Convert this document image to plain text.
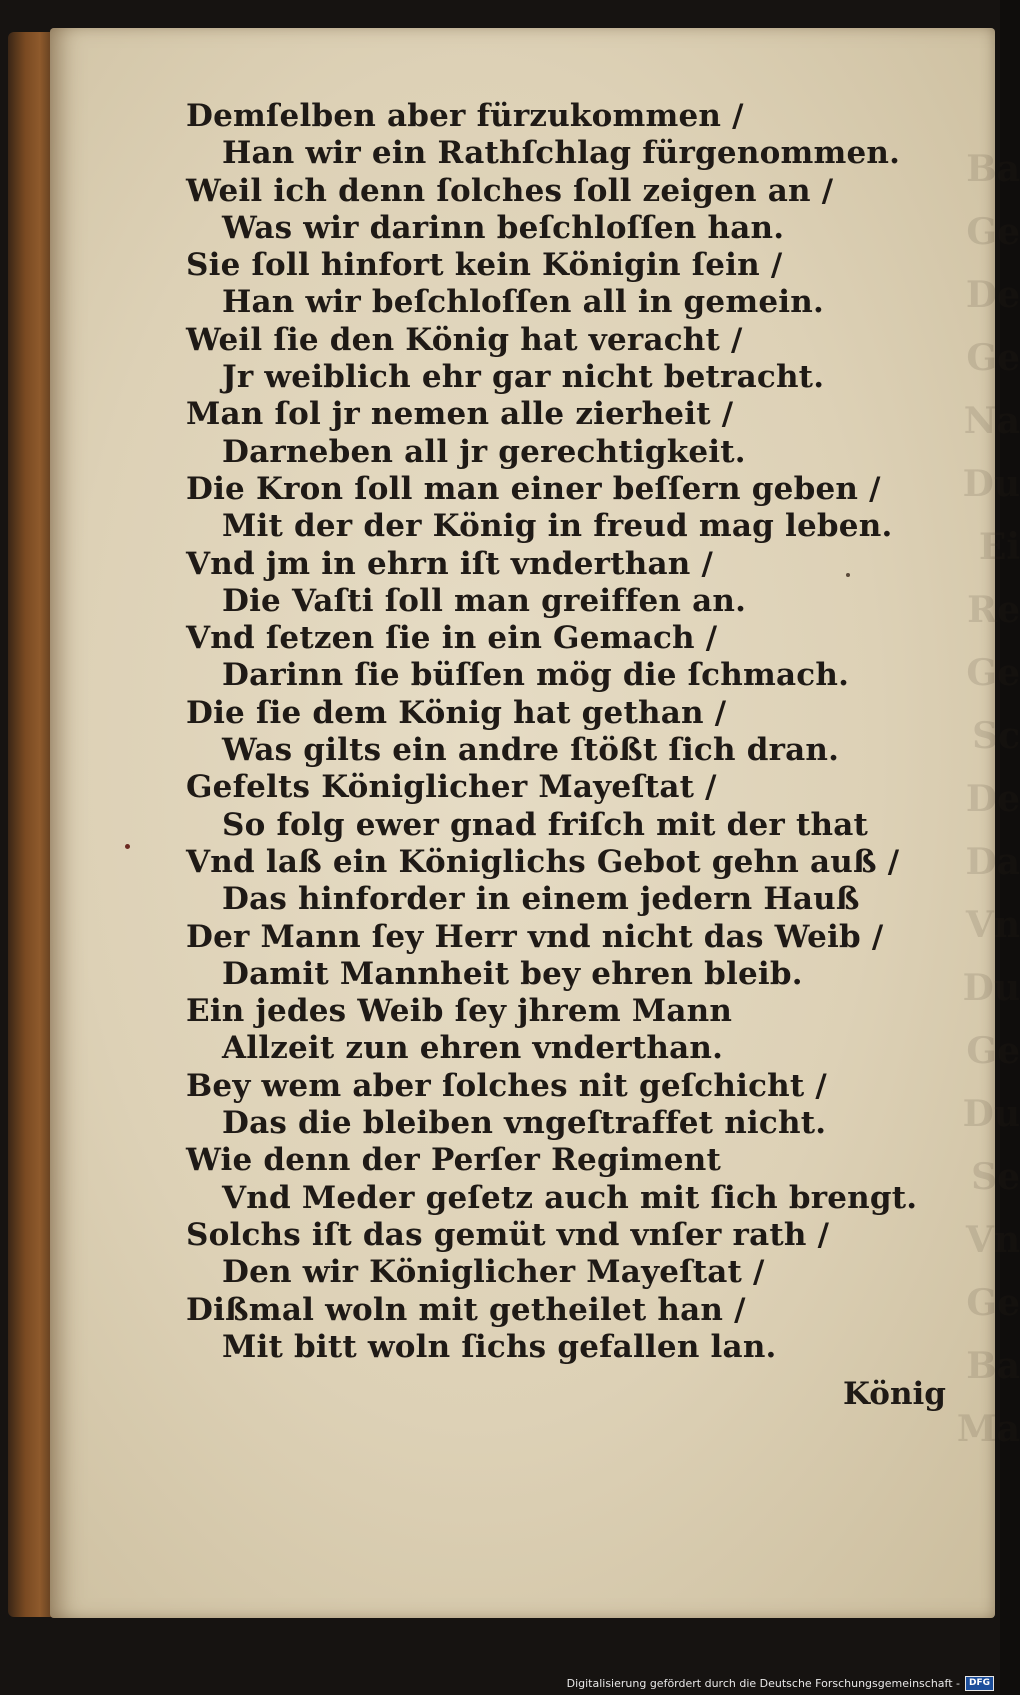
Ba
Ge
De
Ge
Na
Du
Ei
Re
Ge
Sc
De
Da
Vn
Du
Ge
Du
Se
Vn
Ge
Ba
Ma
Demſelben aber fürzukommen /
Han wir ein Rathſchlag fürgenommen.
Weil ich denn ſolches ſoll zeigen an /
Was wir darinn beſchloſſen han.
Sie ſoll hinfort kein Königin ſein /
Han wir beſchloſſen all in gemein.
Weil ſie den König hat veracht /
Jr weiblich ehr gar nicht betracht.
Man ſol jr nemen alle zierheit /
Darneben all jr gerechtigkeit.
Die Kron ſoll man einer beſſern geben /
Mit der der König in freud mag leben.
Vnd jm in ehrn iſt vnderthan /
Die Vaſti ſoll man greiffen an.
Vnd ſetzen ſie in ein Gemach /
Darinn ſie büſſen mög die ſchmach.
Die ſie dem König hat gethan /
Was gilts ein andre ſtößt ſich dran.
Gefelts Königlicher Mayeſtat /
So folg ewer gnad friſch mit der that
Vnd laß ein Königlichs Gebot gehn auß /
Das hinforder in einem jedern Hauß
Der Mann ſey Herr vnd nicht das Weib /
Damit Mannheit bey ehren bleib.
Ein jedes Weib ſey jhrem Mann
Allzeit zun ehren vnderthan.
Bey wem aber ſolches nit geſchicht /
Das die bleiben vngeſtraffet nicht.
Wie denn der Perſer Regiment
Vnd Meder geſetz auch mit ſich brengt.
Solchs iſt das gemüt vnd vnſer rath /
Den wir Königlicher Mayeſtat /
Dißmal woln mit getheilet han /
Mit bitt woln ſichs gefallen lan.
König
Digitalisierung gefördert durch die Deutsche Forschungsgemeinschaft -	DFG
